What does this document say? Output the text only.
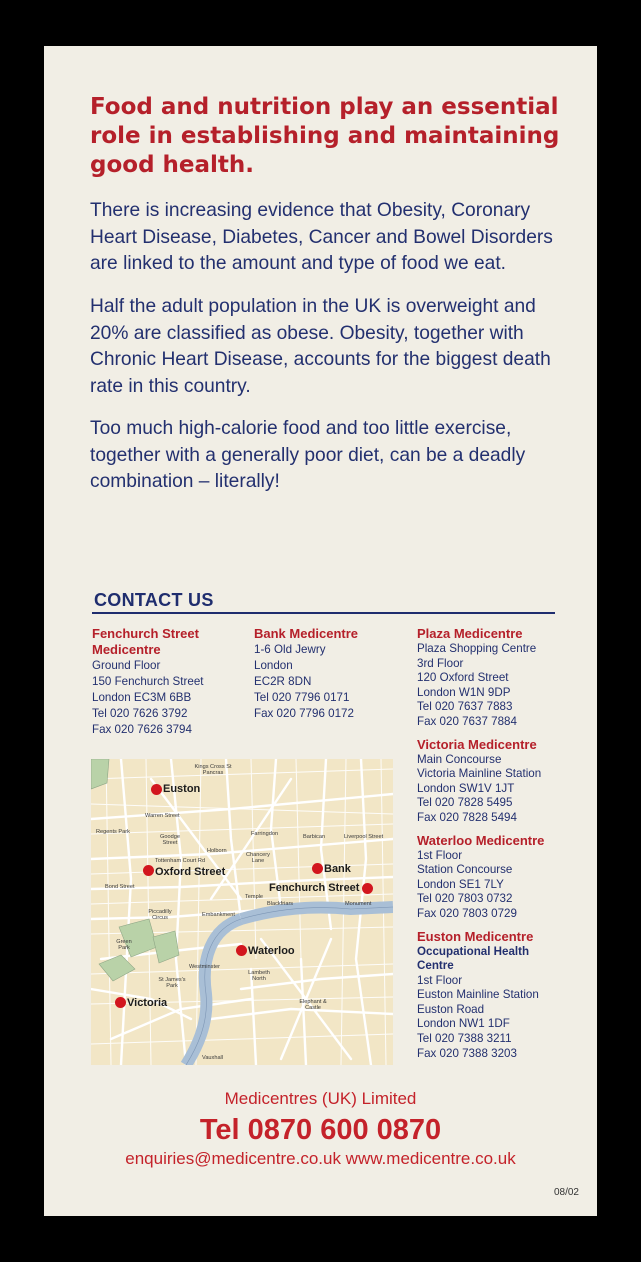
Food and nutrition play an essential role in establishing and maintaining good health.

There is increasing evidence that Obesity, Coronary Heart Disease, Diabetes, Cancer and Bowel Disorders are linked to the amount and type of food we eat.

Half the adult population in the UK is overweight and 20% are classified as obese. Obesity, together with Chronic Heart Disease, accounts for the biggest death rate in this country.

Too much high-calorie food and too little exercise, together with a generally poor diet, can be a deadly combination – literally!

CONTACT US
Fenchurch Street Medicentre
Ground Floor
150 Fenchurch Street
London EC3M 6BB
Tel 020 7626 3792
Fax 020 7626 3794
Bank Medicentre
1-6 Old Jewry
London
EC2R 8DN
Tel 020 7796 0171
Fax 020 7796 0172
Plaza Medicentre
Plaza Shopping Centre
3rd Floor
120 Oxford Street
London W1N 9DP
Tel 020 7637 7883
Fax 020 7637 7884
Victoria Medicentre
Main Concourse
Victoria Mainline Station
London SW1V 1JT
Tel 020 7828 5495
Fax 020 7828 5494
Waterloo Medicentre
1st Floor
Station Concourse
London SE1 7LY
Tel 020 7803 0732
Fax 020 7803 0729
Euston Medicentre
Occupational Health Centre
1st Floor
Euston Mainline Station
Euston Road
London NW1 1DF
Tel 020 7388 3211
Fax 020 7388 3203
Euston
Oxford Street	Bank
Fenchurch Street
Waterloo
Victoria
Kings Cross St Pancras
Warren Street
Regents Park
Goodge Street
Farringdon	Barbican	Liverpool Street
Holborn
Chancery Lane
Tottenham Court Rd
Bond Street
Temple
Blackfriars	Monument
Piccadilly Circus	Embankment
Green Park
Westminster
Lambeth North
St James's Park
Elephant & Castle
Vauxhall
Medicentres (UK) Limited
Tel 0870 600 0870
enquiries@medicentre.co.uk www.medicentre.co.uk
08/02
